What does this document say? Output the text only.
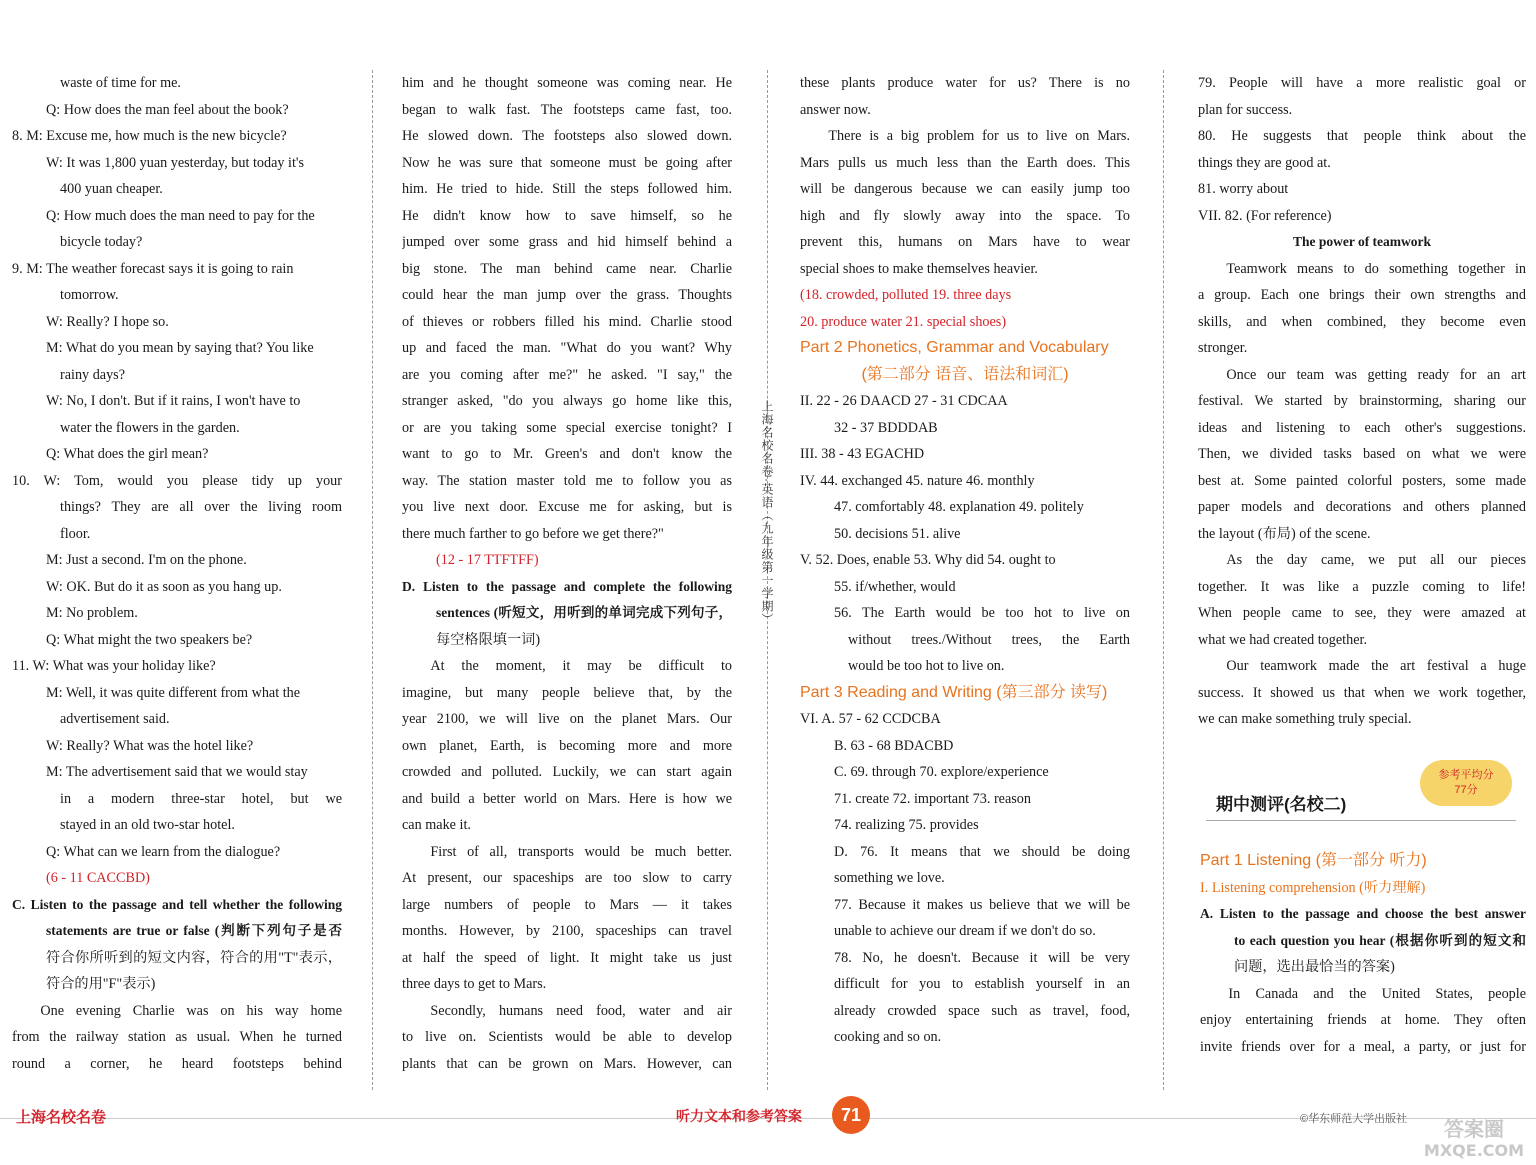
waste of time for me.
Q: How does the man feel about the book?
8. M: Excuse me, how much is the new bicycle?
W: It was 1,800 yuan yesterday, but today it's
400 yuan cheaper.
Q: How much does the man need to pay for the
bicycle today?
9. M: The weather forecast says it is going to rain
tomorrow.
W: Really? I hope so.
M: What do you mean by saying that? You like
rainy days?
W: No, I don't. But if it rains, I won't have to
water the flowers in the garden.
Q: What does the girl mean?
10. W: Tom, would you please tidy up your
things? They are all over the living room
floor.
M: Just a second. I'm on the phone.
W: OK. But do it as soon as you hang up.
M: No problem.
Q: What might the two speakers be?
11. W: What was your holiday like?
M: Well, it was quite different from what the
advertisement said.
W: Really? What was the hotel like?
M: The advertisement said that we would stay
in a modern three-star hotel, but we
stayed in an old two-star hotel.
Q: What can we learn from the dialogue?
(6 - 11 CACCBD)
C. Listen to the passage and tell whether the following
statements are true or false (判断下列句子是否
符合你所听到的短文内容，符合的用"T"表示，
符合的用"F"表示)
One evening Charlie was on his way home
from the railway station as usual. When he turned
round a corner, he heard footsteps behind
him and he thought someone was coming near. He
began to walk fast. The footsteps came fast, too.
He slowed down. The footsteps also slowed down.
Now he was sure that someone must be going after
him. He tried to hide. Still the steps followed him.
He didn't know how to save himself, so he
jumped over some grass and hid himself behind a
big stone. The man behind came near. Charlie
could hear the man jump over the grass. Thoughts
of thieves or robbers filled his mind. Charlie stood
up and faced the man. "What do you want? Why
are you coming after me?" he asked. "I say," the
stranger asked, "do you always go home like this,
or are you taking some special exercise tonight? I
want to go to Mr. Green's and don't know the
way. The station master told me to follow you as
you live next door. Excuse me for asking, but is
there much farther to go before we get there?"
(12 - 17 TTFTFF)
D. Listen to the passage and complete the following
sentences (听短文，用听到的单词完成下列句子，
每空格限填一词)
At the moment, it may be difficult to
imagine, but many people believe that, by the
year 2100, we will live on the planet Mars. Our
own planet, Earth, is becoming more and more
crowded and polluted. Luckily, we can start again
and build a better world on Mars. Here is how we
can make it.
First of all, transports would be much better.
At present, our spaceships are too slow to carry
large numbers of people to Mars — it takes
months. However, by 2100, spaceships can travel
at half the speed of light. It might take us just
three days to get to Mars.
Secondly, humans need food, water and air
to live on. Scientists would be able to develop
plants that can be grown on Mars. However, can
these plants produce water for us? There is no
answer now.
There is a big problem for us to live on Mars.
Mars pulls us much less than the Earth does. This
will be dangerous because we can easily jump too
high and fly slowly away into the space. To
prevent this, humans on Mars have to wear
special shoes to make themselves heavier.
(18. crowded, polluted 19. three days
20. produce water 21. special shoes)
Part 2 Phonetics, Grammar and Vocabulary
(第二部分 语音、语法和词汇)
II. 22 - 26 DAACD 27 - 31 CDCAA
32 - 37 BDDDAB
III. 38 - 43 EGACHD
IV. 44. exchanged 45. nature 46. monthly
47. comfortably 48. explanation 49. politely
50. decisions 51. alive
V. 52. Does, enable 53. Why did 54. ought to
55. if/whether, would
56. The Earth would be too hot to live on
without trees./Without trees, the Earth
would be too hot to live on.
Part 3 Reading and Writing (第三部分 读写)
VI. A. 57 - 62 CCDCBA
B. 63 - 68 BDACBD
C. 69. through 70. explore/experience
71. create 72. important 73. reason
74. realizing 75. provides
D. 76. It means that we should be doing
something we love.
77. Because it makes us believe that we will be
unable to achieve our dream if we don't do so.
78. No, he doesn't. Because it will be very
difficult for you to establish yourself in an
already crowded space such as travel, food,
cooking and so on.
79. People will have a more realistic goal or
plan for success.
80. He suggests that people think about the
things they are good at.
81. worry about
VII. 82. (For reference)
The power of teamwork
Teamwork means to do something together in
a group. Each one brings their own strengths and
skills, and when combined, they become even
stronger.
Once our team was getting ready for an art
festival. We started by brainstorming, sharing our
ideas and listening to each other's suggestions.
Then, we divided tasks based on what we were
best at. Some painted colorful posters, some made
paper models and decorations and others planned
the layout (布局) of the scene.
As the day came, we put all our pieces
together. It was like a puzzle coming to life!
When people came to see, they were amazed at
what we had created together.
Our teamwork made the art festival a huge
success. It showed us that when we work together,
we can make something truly special.
Part 1 Listening (第一部分 听力)
I. Listening comprehension (听力理解)
A. Listen to the passage and choose the best answer
to each question you hear (根据你听到的短文和
问题，选出最恰当的答案)
In Canada and the United States, people
enjoy entertaining friends at home. They often
invite friends over for a meal, a party, or just for
上海名校名卷·英语（九年级第一学期）
期中测评(名校二)
参考平均分
77分
上海名校名卷	听力文本和参考答案	71	©华东师范大学出版社	答案圈
MXQE.COM
